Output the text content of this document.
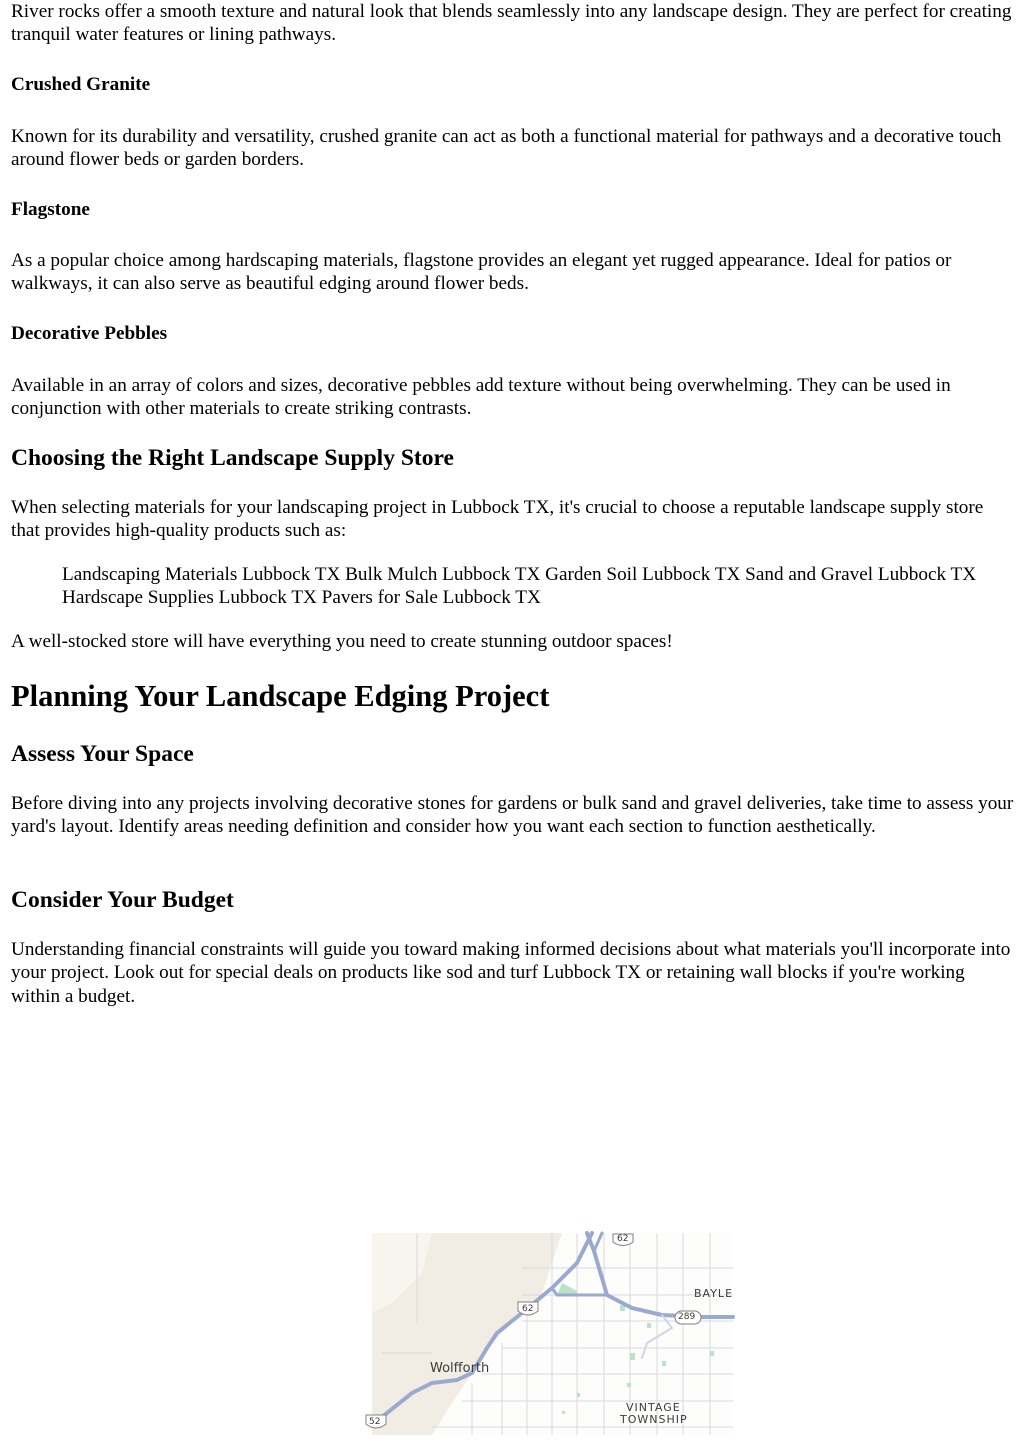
River rocks offer a smooth texture and natural look that blends seamlessly into any landscape design. They are perfect for creating tranquil water features or lining pathways.

Crushed Granite

Known for its durability and versatility, crushed granite can act as both a functional material for pathways and a decorative touch around flower beds or garden borders.

Flagstone

As a popular choice among hardscaping materials, flagstone provides an elegant yet rugged appearance. Ideal for patios or walkways, it can also serve as beautiful edging around flower beds.

Decorative Pebbles

Available in an array of colors and sizes, decorative pebbles add texture without being overwhelming. They can be used in conjunction with other materials to create striking contrasts.

Choosing the Right Landscape Supply Store

When selecting materials for your landscaping project in Lubbock TX, it's crucial to choose a reputable landscape supply store that provides high-quality products such as:

Landscaping Materials Lubbock TX Bulk Mulch Lubbock TX Garden Soil Lubbock TX Sand and Gravel Lubbock TX Hardscape Supplies Lubbock TX Pavers for Sale Lubbock TX

A well-stocked store will have everything you need to create stunning outdoor spaces!

Planning Your Landscape Edging Project
Assess Your Space

Before diving into any projects involving decorative stones for gardens or bulk sand and gravel deliveries, take time to assess your yard's layout. Identify areas needing definition and consider how you want each section to function aesthetically.

Consider Your Budget

Understanding financial constraints will guide you toward making informed decisions about what materials you'll incorporate into your project. Look out for special deals on products like sod and turf Lubbock TX or retaining wall blocks if you're working within a budget.

62
62
289
52
Wolfforth
BAYLE
VINTAGE
TOWNSHIP
